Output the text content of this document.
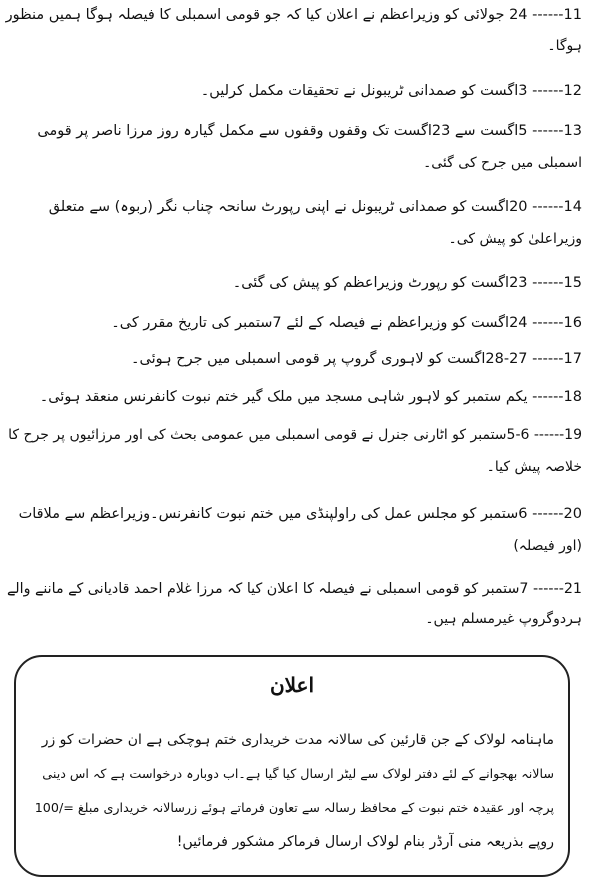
11------ 24 جولائی کو وزیراعظم نے اعلان کیا کہ جو قومی اسمبلی کا فیصلہ ہوگا ہمیں منظور
ہوگا۔
12------ 3اگست کو صمدانی ٹریبونل نے تحقیقات مکمل کرلیں۔
13------ 5اگست سے 23اگست تک وقفوں وقفوں سے مکمل گیارہ روز مرزا ناصر پر قومی
اسمبلی میں جرح کی گئی۔
14------ 20اگست کو صمدانی ٹریبونل نے اپنی رپورٹ سانحہ چناب نگر (ربوہ) سے متعلق
وزیراعلیٰ کو پیش کی۔
15------ 23اگست کو رپورٹ وزیراعظم کو پیش کی گئی۔
16------ 24اگست کو وزیراعظم نے فیصلہ کے لئے 7ستمبر کی تاریخ مقرر کی۔
17------ 28-27اگست کو لاہوری گروپ پر قومی اسمبلی میں جرح ہوئی۔
18------ یکم ستمبر کو لاہور شاہی مسجد میں ملک گیر ختم نبوت کانفرنس منعقد ہوئی۔
19------ 5-6ستمبر کو اٹارنی جنرل نے قومی اسمبلی میں عمومی بحث کی اور مرزائیوں پر جرح کا
خلاصہ پیش کیا۔
20------ 6ستمبر کو مجلس عمل کی راولپنڈی میں ختم نبوت کانفرنس۔وزیراعظم سے ملاقات
(اور فیصلہ)
21------ 7ستمبر کو قومی اسمبلی نے فیصلہ کا اعلان کیا کہ مرزا غلام احمد قادیانی کے ماننے والے
ہردوگروپ غیرمسلم ہیں۔
اعلان
ماہنامہ لولاک کے جن قارئین کی سالانہ مدت خریداری ختم ہوچکی ہے ان حضرات کو زر
سالانہ بھجوانے کے لئے دفتر لولاک سے لیٹر ارسال کیا گیا ہے۔اب دوبارہ درخواست ہے کہ اس دینی
پرچہ اور عقیدہ ختم نبوت کے محافظ رسالہ سے تعاون فرماتے ہوئے زرسالانہ خریداری مبلغ =/100
روپے بذریعہ منی آرڈر بنام لولاک ارسال فرماکر مشکور فرمائیں!
